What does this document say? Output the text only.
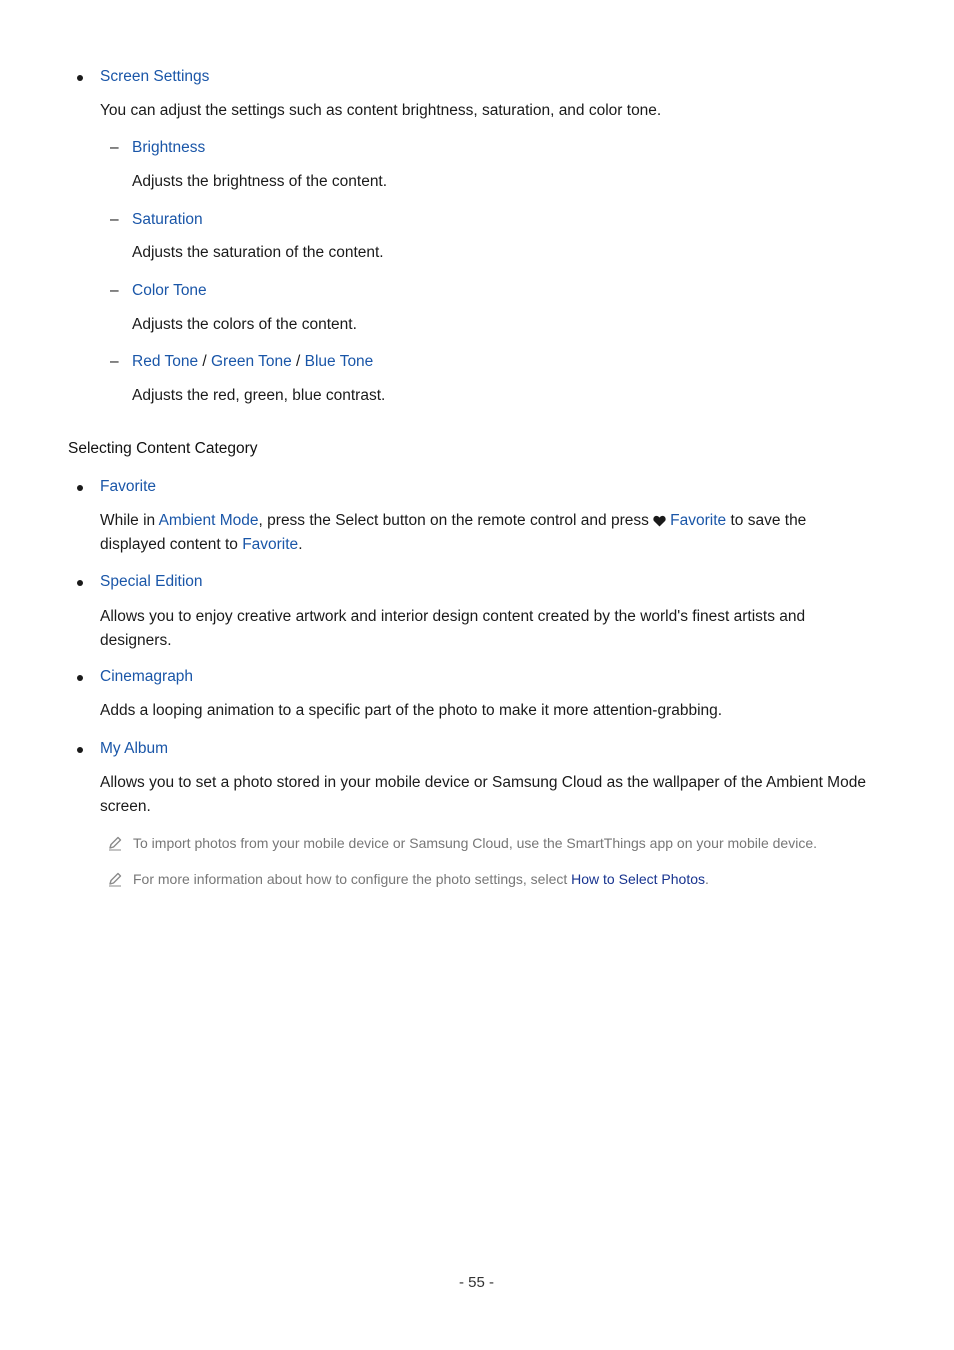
Screen Settings
You can adjust the settings such as content brightness, saturation, and color tone.
– Brightness
Adjusts the brightness of the content.
– Saturation
Adjusts the saturation of the content.
– Color Tone
Adjusts the colors of the content.
– Red Tone / Green Tone / Blue Tone
Adjusts the red, green, blue contrast.
Selecting Content Category
Favorite
While in Ambient Mode, press the Select button on the remote control and press Favorite to save the
displayed content to Favorite.
Special Edition
Allows you to enjoy creative artwork and interior design content created by the world's finest artists and
designers.
Cinemagraph
Adds a looping animation to a specific part of the photo to make it more attention-grabbing.
My Album
Allows you to set a photo stored in your mobile device or Samsung Cloud as the wallpaper of the Ambient Mode
screen.
To import photos from your mobile device or Samsung Cloud, use the SmartThings app on your mobile device.
For more information about how to configure the photo settings, select How to Select Photos.
- 55 -
